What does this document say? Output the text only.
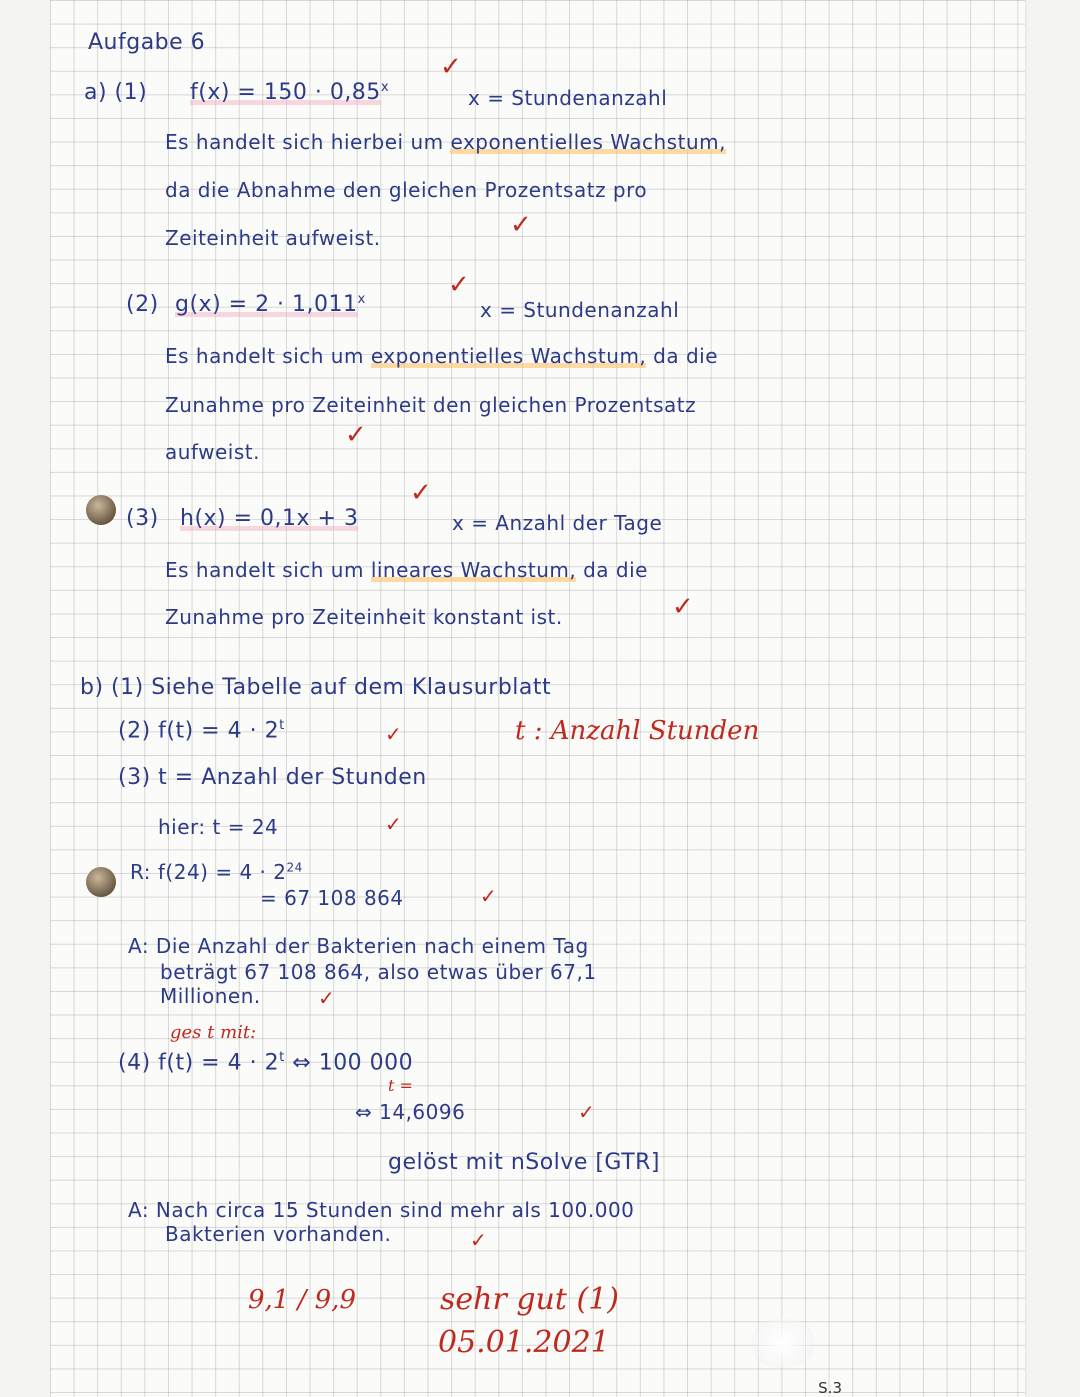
Aufgabe 6
a) (1) $f(x) = 150 \cdot 0,85^x$
✓
x = Stundenanzahl
Es handelt sich hierbei um exponentielles Wachstum,
da die Abnahme den gleichen Prozentsatz pro
Zeiteinheit aufweist.	✓
(2) $g(x) = 2 \cdot 1,011^x$	✓
x = Stundenanzahl
Es handelt sich um exponentielles Wachstum, da die
Zunahme pro Zeiteinheit den gleichen Prozentsatz
aufweist.
✓
(3) h(x) = 0,1x + 3
✓
x = Anzahl der Tage
Es handelt sich um lineares Wachstum, da die
Zunahme pro Zeiteinheit konstant ist.	✓
b) (1) Siehe Tabelle auf dem Klausurblatt
(2) $f(t) = 4 \cdot 2^t$	✓	t : Anzahl Stunden
(3) t = Anzahl der Stunden
hier: t = 24	✓
R: $f(24) = 4 \cdot 2^{24}$
= 67 108 864	✓
A: Die Anzahl der Bakterien nach einem Tag
beträgt 67 108 864, also etwas über 67,1
Millionen.	✓
ges t mit:
(4) $f(t) = 4 \cdot 2^t$ ⇔ 100 000
t =
⇔ 14,6096	✓
gelöst mit nSolve [GTR]
A: Nach circa 15 Stunden sind mehr als 100.000
Bakterien vorhanden.	✓
9,1 / 9,9	sehr gut (1)
05.01.2021
S.3
